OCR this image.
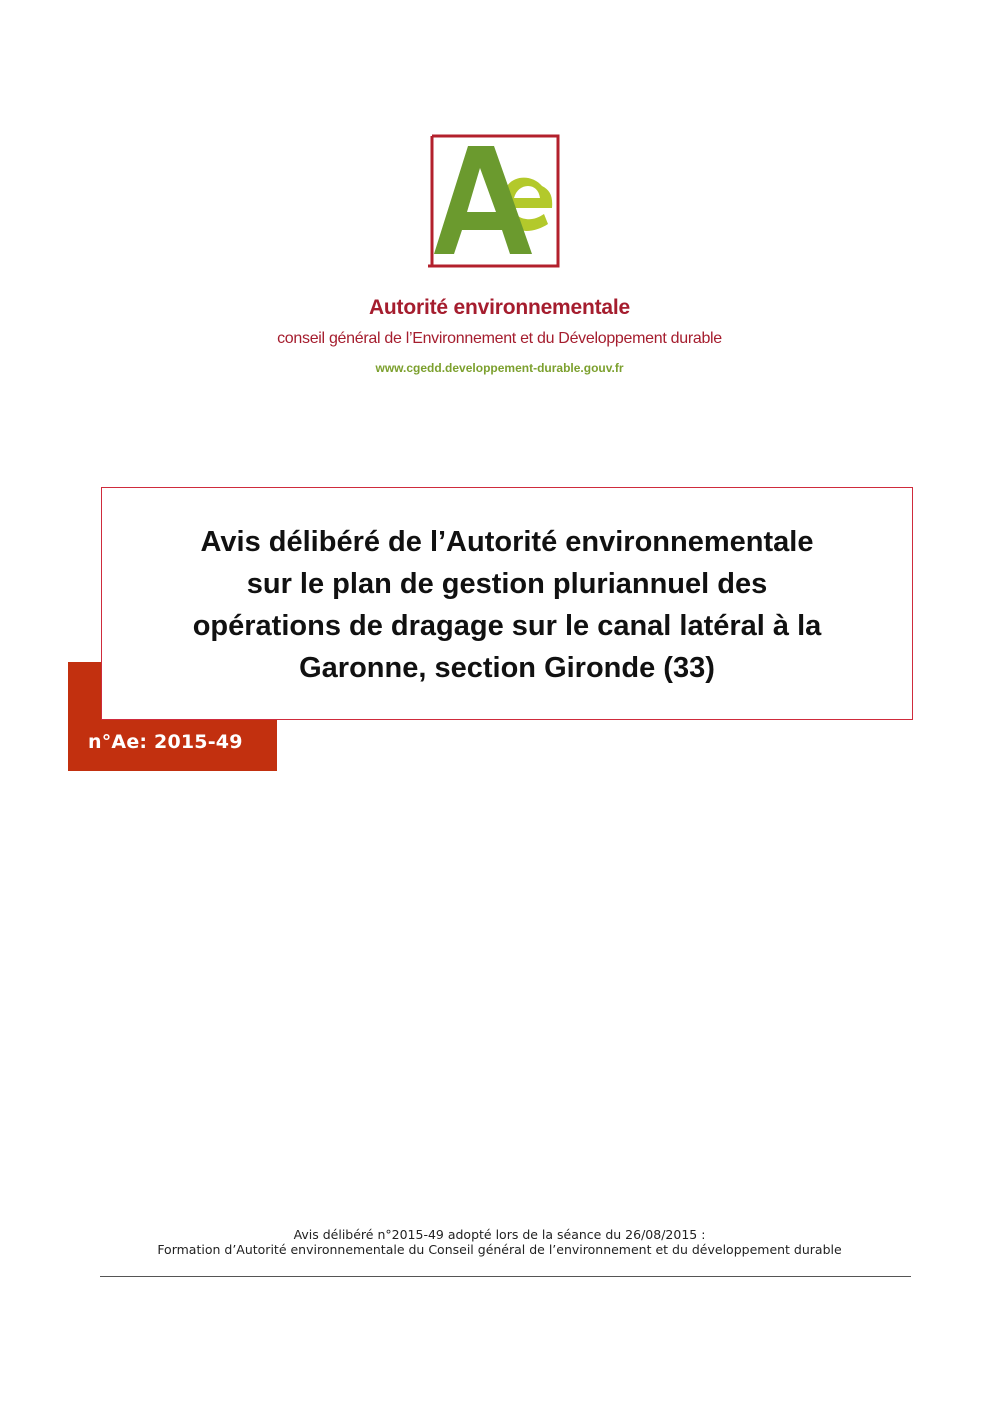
Autorité environnementale
conseil général de l’Environnement et du Développement durable
www.cgedd.developpement-durable.gouv.fr
n°Ae: 2015-49

Avis délibéré de l’Autorité environnementale
sur le plan de gestion pluriannuel des
opérations de dragage sur le canal latéral à la
Garonne, section Gironde (33)

Avis délibéré n°2015-49 adopté lors de la séance du 26/08/2015 :
Formation d’Autorité environnementale du Conseil général de l’environnement et du développement durable
